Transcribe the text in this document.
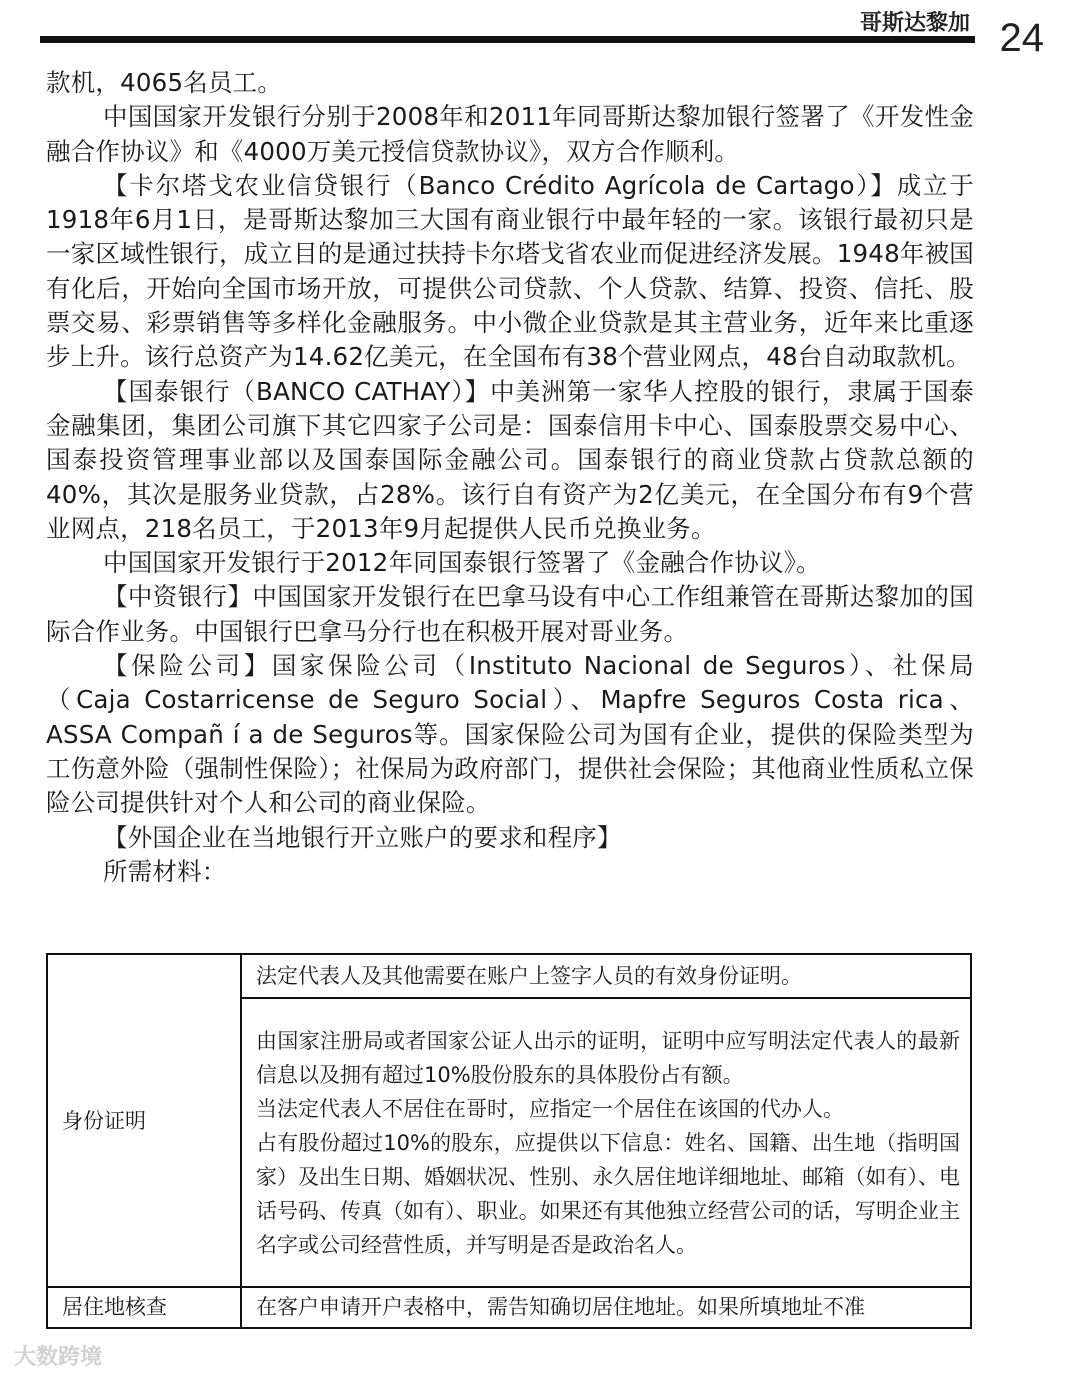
哥斯达黎加 24

款机，4065名员工。

中国国家开发银行分别于2008年和2011年同哥斯达黎加银行签署了《开发性金融合作协议》和《4000万美元授信贷款协议》，双方合作顺利。

【卡尔塔戈农业信贷银行（Banco Crédito Agrícola de Cartago）】成立于1918年6月1日，是哥斯达黎加三大国有商业银行中最年轻的一家。该银行最初只是一家区域性银行，成立目的是通过扶持卡尔塔戈省农业而促进经济发展。1948年被国有化后，开始向全国市场开放，可提供公司贷款、个人贷款、结算、投资、信托、股票交易、彩票销售等多样化金融服务。中小微企业贷款是其主营业务，近年来比重逐步上升。该行总资产为14.62亿美元，在全国布有38个营业网点，48台自动取款机。

【国泰银行（BANCO CATHAY）】中美洲第一家华人控股的银行，隶属于国泰金融集团，集团公司旗下其它四家子公司是：国泰信用卡中心、国泰股票交易中心、国泰投资管理事业部以及国泰国际金融公司。国泰银行的商业贷款占贷款总额的40%，其次是服务业贷款，占28%。该行自有资产为2亿美元，在全国分布有9个营业网点，218名员工，于2013年9月起提供人民币兑换业务。

中国国家开发银行于2012年同国泰银行签署了《金融合作协议》。

【中资银行】中国国家开发银行在巴拿马设有中心工作组兼管在哥斯达黎加的国际合作业务。中国银行巴拿马分行也在积极开展对哥业务。

【保险公司】国家保险公司（Instituto Nacional de Seguros）、社保局（Caja Costarricense de Seguro Social）、Mapfre Seguros Costa rica、ASSA Compañ í a de Seguros等。国家保险公司为国有企业，提供的保险类型为工伤意外险（强制性保险）；社保局为政府部门，提供社会保险；其他商业性质私立保险公司提供针对个人和公司的商业保险。

【外国企业在当地银行开立账户的要求和程序】

所需材料：

身份证明	法定代表人及其他需要在账户上签字人员的有效身份证明。

	由国家注册局或者国家公证人出示的证明，证明中应写明法定代表人的最新信息以及拥有超过10%股份股东的具体股份占有额。

当法定代表人不居住在哥时，应指定一个居住在该国的代办人。

占有股份超过10%的股东，应提供以下信息：姓名、国籍、出生地（指明国家）及出生日期、婚姻状况、性别、永久居住地详细地址、邮箱（如有）、电话号码、传真（如有）、职业。如果还有其他独立经营公司的话，写明企业主名字或公司经营性质，并写明是否是政治名人。

居住地核查	在客户申请开户表格中，需告知确切居住地址。如果所填地址不准
大数跨境
